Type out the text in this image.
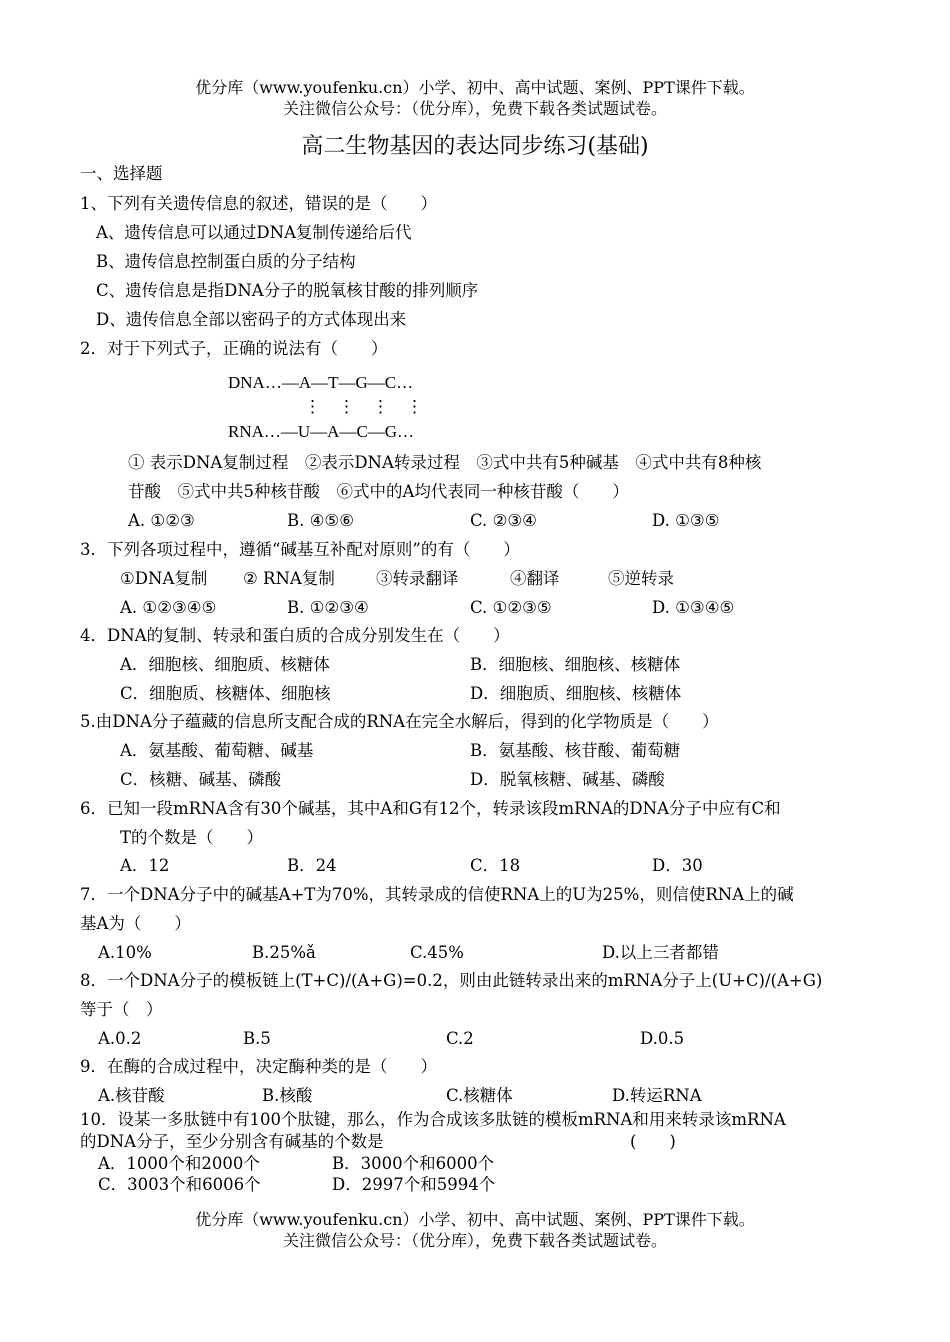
优分库（www.youfenku.cn）小学、初中、高中试题、案例、PPT课件下载。
关注微信公众号：（优分库），免费下载各类试题试卷。
高二生物基因的表达同步练习(基础)
一、选择题
1、下列有关遗传信息的叙述，错误的是（　　）
A、遗传信息可以通过DNA复制传递给后代
B、遗传信息控制蛋白质的分子结构
C、遗传信息是指DNA分子的脱氧核甘酸的排列顺序
D、遗传信息全部以密码子的方式体现出来
2．对于下列式子，正确的说法有（　　）
DNA…—A—T—G—C…
⋮　⋮　⋮　⋮
RNA…—U—A—C—G…
① 表示DNA复制过程　②表示DNA转录过程　③式中共有5种碱基　④式中共有8种核
苷酸　⑤式中共5种核苷酸　⑥式中的A均代表同一种核苷酸（　　）
A. ①②③	B. ④⑤⑥	C. ②③④	D. ①③⑤
3．下列各项过程中，遵循“碱基互补配对原则”的有（　　）
①DNA复制 ② RNA复制 ③转录翻译	④翻译	⑤逆转录
A. ①②③④⑤	B. ①②③④	C. ①②③⑤	D. ①③④⑤
4．DNA的复制、转录和蛋白质的合成分别发生在（　　）
A．细胞核、细胞质、核糖体	B．细胞核、细胞核、核糖体
C．细胞质、核糖体、细胞核	D．细胞质、细胞核、核糖体
5.由DNA分子蕴藏的信息所支配合成的RNA在完全水解后，得到的化学物质是（　　）
A．氨基酸、葡萄糖、碱基	B．氨基酸、核苷酸、葡萄糖
C．核糖、碱基、磷酸	D．脱氧核糖、碱基、磷酸
6．已知一段mRNA含有30个碱基，其中A和G有12个，转录该段mRNA的DNA分子中应有C和
T的个数是（　　）
A．12	B．24	C．18	D．30
7．一个DNA分子中的碱基A+T为70%，其转录成的信使RNA上的U为25%，则信使RNA上的碱
基A为（　　）
A.10%	B.25%ǎ	C.45%	D.以上三者都错
8．一个DNA分子的模板链上(T+C)/(A+G)=0.2，则由此链转录出来的mRNA分子上(U+C)/(A+G)
等于（　）
A.0.2	B.5	C.2	D.0.5
9．在酶的合成过程中，决定酶种类的是（　　）
A.核苷酸	B.核酸	C.核糖体	D.转运RNA
10．设某一多肽链中有100个肽键，那么，作为合成该多肽链的模板mRNA和用来转录该mRNA
的DNA分子，至少分别含有碱基的个数是	(　　)
A．1000个和2000个	B．3000个和6000个
C．3003个和6006个	D．2997个和5994个
优分库（www.youfenku.cn）小学、初中、高中试题、案例、PPT课件下载。
关注微信公众号：（优分库），免费下载各类试题试卷。
